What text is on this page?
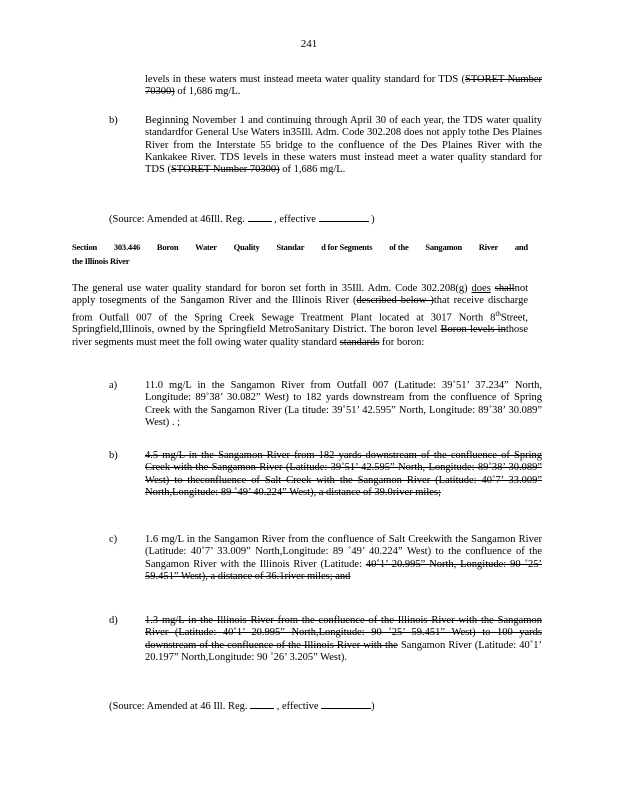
241
levels in these waters must instead meeta water quality standard for TDS (STORET Number 70300) of 1,686 mg/L.
b)	Beginning November 1 and continuing through April 30 of each year, the TDS water quality standardfor General Use Waters in35Ill. Adm. Code 302.208 does not apply tothe Des Plaines River from the Interstate 55 bridge to the confluence of the Des Plaines River with the Kankakee River. TDS levels in these waters must instead meet a water quality standard for TDS (STORET Number 70300) of 1,686 mg/L.
(Source: Amended at 46Ill. Reg.  , effective	)
Section 303.446 Boron Water Quality Standar d for Segments of the Sangamon River and
the Illinois River
The general use water quality standard for boron set forth in 35Ill. Adm. Code 302.208(g) does shallnot apply tosegments of the Sangamon River and the Illinois River (described below )that receive discharge from Outfall 007 of the Spring Creek Sewage Treatment Plant located at 3017 North 8thStreet, Springfield,Illinois, owned by the Springfield MetroSanitary District. The boron level Boron levels inthose river segments must meet the foll owing water quality standard standards for boron:
a)	11.0 mg/L in the Sangamon River from Outfall 007 (Latitude: 39˚51’ 37.234” North, Longitude: 89˚38’ 30.082” West) to 182 yards downstream from the confluence of Spring Creek with the Sangamon River (La titude: 39˚51’ 42.595” North, Longitude: 89˚38’ 30.089” West) . ;
b)	4.5 mg/L in the Sangamon River from 182 yards downstream of the confluence of Spring Creek with the Sangamon River (Latitude: 39˚51’ 42.595” North, Longitude: 89˚38’ 30.089” West) to theconfluence of Salt Creek with the Sangamon River (Latitude: 40˚7’ 33.009” North,Longitude: 89 ˚49’ 40.224” West), a distance of 39.0river miles;
c)	1.6 mg/L in the Sangamon River from the confluence of Salt Creekwith the Sangamon River (Latitude: 40˚7’ 33.009” North,Longitude: 89 ˚49’ 40.224” West) to the confluence of the Sangamon River with the Illinois River (Latitude: 40˚1’ 20.995” North, Longitude: 90 ˚25’ 59.451” West), a distance of 36.1river miles; and
d)	1.3 mg/L in the Illinois River from the confluence of the Illinois River with the Sangamon River (Latitude: 40˚1’ 20.995” North,Longitude: 90 ˚25’ 59.451” West) to 100 yards downstream of the confluence of the Illinois River with the Sangamon River (Latitude: 40˚1’ 20.197” North,Longitude: 90 ˚26’ 3.205” West).
(Source: Amended at 46 Ill. Reg.  , effective	)
